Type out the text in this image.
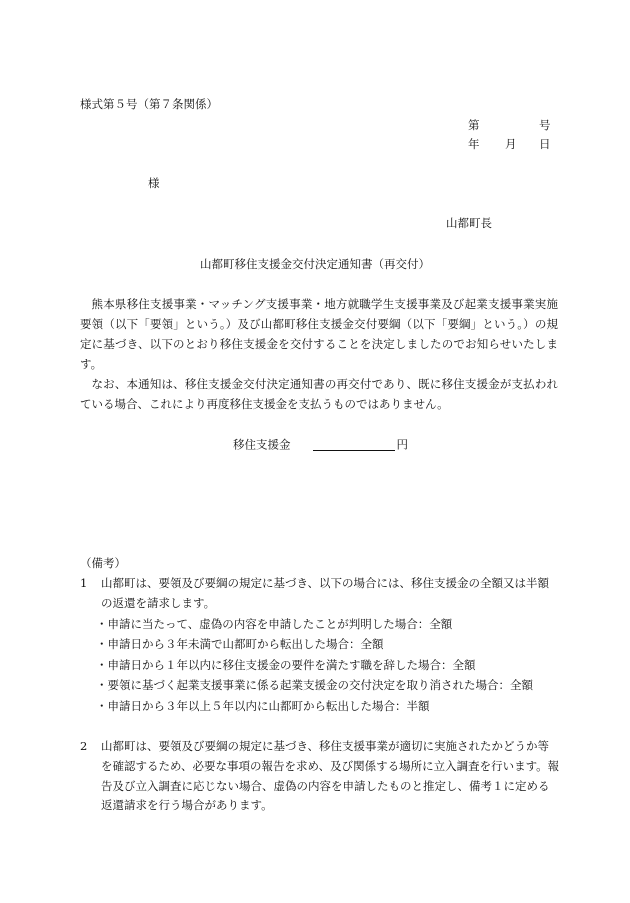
様式第５号（第７条関係）
第	号
年 月 日
様
山都町長
山都町移住支援金交付決定通知書（再交付）

熊本県移住支援事業・マッチング支援事業・地方就職学生支援事業及び起業支援事業実施要領（以下「要領」という。）及び山都町移住支援金交付要綱（以下「要綱」という。）の規定に基づき、以下のとおり移住支援金を交付することを決定しましたのでお知らせいたします。

なお、本通知は、移住支援金交付決定通知書の再交付であり、既に移住支援金が支払われている場合、これにより再度移住支援金を支払うものではありません。

移住支援金	円
（備考）
1	山都町は、要領及び要綱の規定に基づき、以下の場合には、移住支援金の全額又は半額の返還を請求します。
・申請に当たって、虚偽の内容を申請したことが判明した場合：全額
・申請日から３年未満で山都町から転出した場合：全額
・申請日から１年以内に移住支援金の要件を満たす職を辞した場合：全額
・要領に基づく起業支援事業に係る起業支援金の交付決定を取り消された場合：全額
・申請日から３年以上５年以内に山都町から転出した場合：半額
2	山都町は、要領及び要綱の規定に基づき、移住支援事業が適切に実施されたかどうか等を確認するため、必要な事項の報告を求め、及び関係する場所に立入調査を行います。報告及び立入調査に応じない場合、虚偽の内容を申請したものと推定し、備考１に定める返還請求を行う場合があります。
